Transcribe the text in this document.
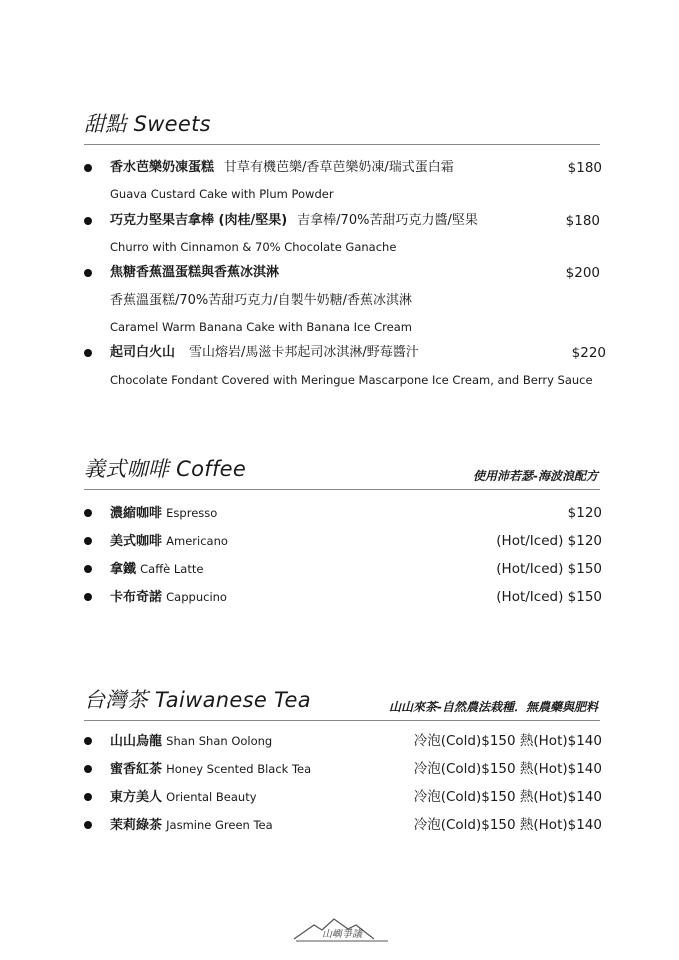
甜點 Sweets
香水芭樂奶凍蛋糕 甘草有機芭樂/香草芭樂奶凍/瑞式蛋白霜	$180
Guava Custard Cake with Plum Powder
巧克力堅果吉拿棒 (肉桂/堅果) 吉拿棒/70%苦甜巧克力醬/堅果	$180
Churro with Cinnamon & 70% Chocolate Ganache
焦糖香蕉溫蛋糕與香蕉冰淇淋	$200
香蕉溫蛋糕/70%苦甜巧克力/自製牛奶糖/香蕉冰淇淋
Caramel Warm Banana Cake with Banana Ice Cream
起司白火山 雪山熔岩/馬滋卡邦起司冰淇淋/野莓醬汁	$220
Chocolate Fondant Covered with Meringue Mascarpone Ice Cream, and Berry Sauce
義式咖啡 Coffee	使用沛若瑟-海波浪配方
濃縮咖啡 Espresso	$120
美式咖啡 Americano	(Hot/Iced) $120
拿鐵 Caffè Latte	(Hot/Iced) $150
卡布奇諾 Cappucino	(Hot/Iced) $150
台灣茶 Taiwanese Tea	山山來茶-自然農法栽種．無農藥與肥料
山山烏龍 Shan Shan Oolong	冷泡(Cold)$150 熱(Hot)$140
蜜香紅茶 Honey Scented Black Tea	冷泡(Cold)$150 熱(Hot)$140
東方美人 Oriental Beauty	冷泡(Cold)$150 熱(Hot)$140
茉莉綠茶 Jasmine Green Tea	冷泡(Cold)$150 熱(Hot)$140
山嶼爭議
